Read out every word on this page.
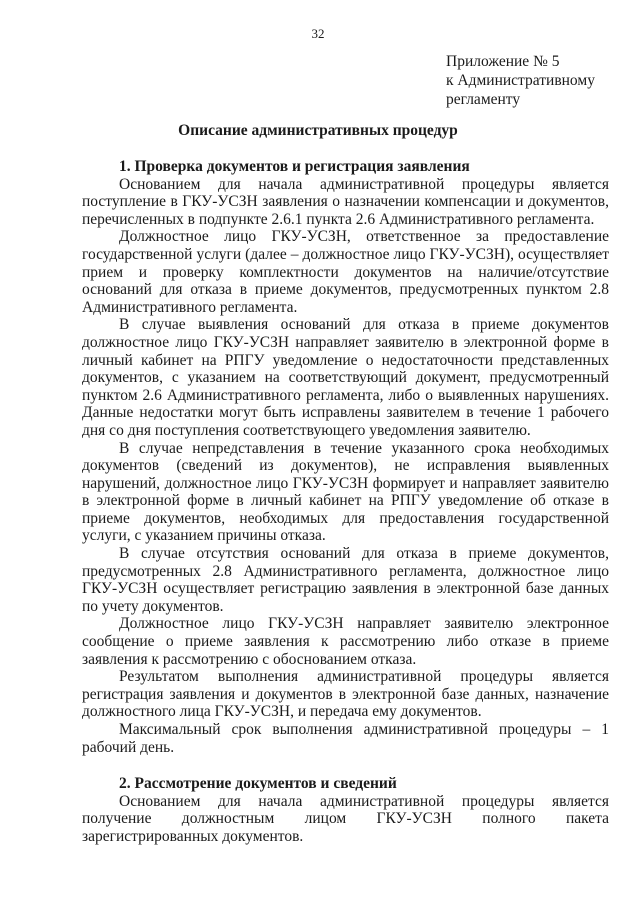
32
Приложение № 5
к Административному
регламенту
Описание административных процедур

1. Проверка документов и регистрация заявления

Основанием для начала административной процедуры является поступление в ГКУ-УСЗН заявления о назначении компенсации и документов, перечисленных в подпункте 2.6.1 пункта 2.6 Административного регламента.

Должностное лицо ГКУ-УСЗН, ответственное за предоставление государственной услуги (далее – должностное лицо ГКУ-УСЗН), осуществляет прием и проверку комплектности документов на наличие/отсутствие оснований для отказа в приеме документов, предусмотренных пунктом 2.8 Административного регламента.

В случае выявления оснований для отказа в приеме документов должностное лицо ГКУ-УСЗН направляет заявителю в электронной форме в личный кабинет на РПГУ уведомление о недостаточности представленных документов, с указанием на соответствующий документ, предусмотренный пунктом 2.6 Административного регламента, либо о выявленных нарушениях. Данные недостатки могут быть исправлены заявителем в течение 1 рабочего дня со дня поступления соответствующего уведомления заявителю.

В случае непредставления в течение указанного срока необходимых документов (сведений из документов), не исправления выявленных нарушений, должностное лицо ГКУ-УСЗН формирует и направляет заявителю в электронной форме в личный кабинет на РПГУ уведомление об отказе в приеме документов, необходимых для предоставления государственной услуги, с указанием причины отказа.

В случае отсутствия оснований для отказа в приеме документов, предусмотренных 2.8 Административного регламента, должностное лицо ГКУ-УСЗН осуществляет регистрацию заявления в электронной базе данных по учету документов.

Должностное лицо ГКУ-УСЗН направляет заявителю электронное сообщение о приеме заявления к рассмотрению либо отказе в приеме заявления к рассмотрению с обоснованием отказа.

Результатом выполнения административной процедуры является регистрация заявления и документов в электронной базе данных, назначение должностного лица ГКУ-УСЗН, и передача ему документов.

Максимальный срок выполнения административной процедуры – 1 рабочий день.

2. Рассмотрение документов и сведений

Основанием для начала административной процедуры является получение должностным лицом ГКУ-УСЗН полного пакета зарегистрированных документов.
